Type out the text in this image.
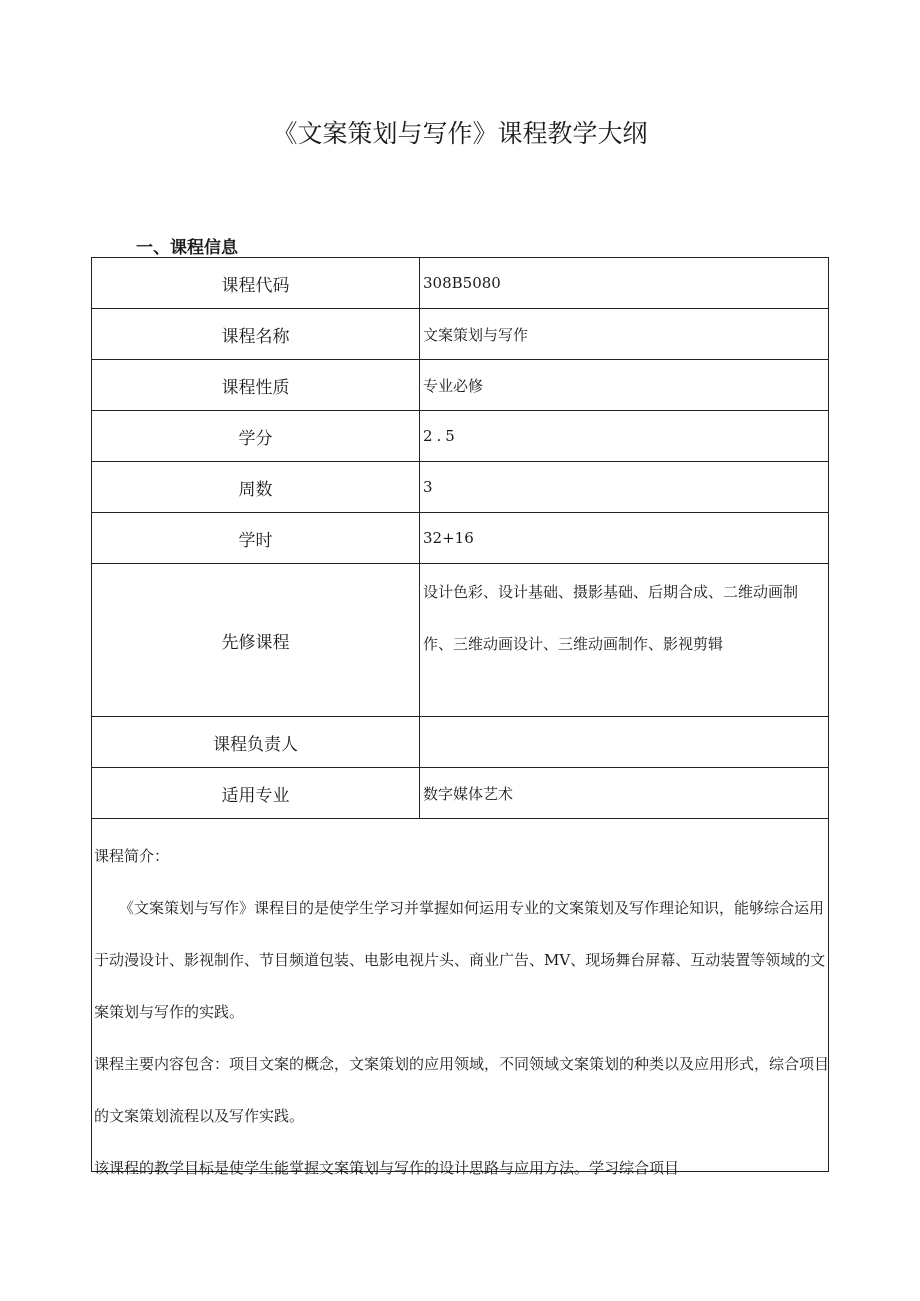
《文案策划与写作》课程教学大纲
一、课程信息
课程代码	308B5080
课程名称	文案策划与写作
课程性质	专业必修
学分	2.5
周数	3
学时	32+16
先修课程	设计色彩、设计基础、摄影基础、后期合成、二维动画制作、三维动画设计、三维动画制作、影视剪辑
课程负责人	
适用专业	数字媒体艺术

课程简介：

《文案策划与写作》课程目的是使学生学习并掌握如何运用专业的文案策划及写作理论知识，能够综合运用于动漫设计、影视制作、节目频道包装、电影电视片头、商业广告、MV、现场舞台屏幕、互动装置等领域的文案策划与写作的实践。

课程主要内容包含：项目文案的概念，文案策划的应用领域，不同领域文案策划的种类以及应用形式，综合项目的文案策划流程以及写作实践。

该课程的教学目标是使学生能掌握文案策划与写作的设计思路与应用方法。学习综合项目
